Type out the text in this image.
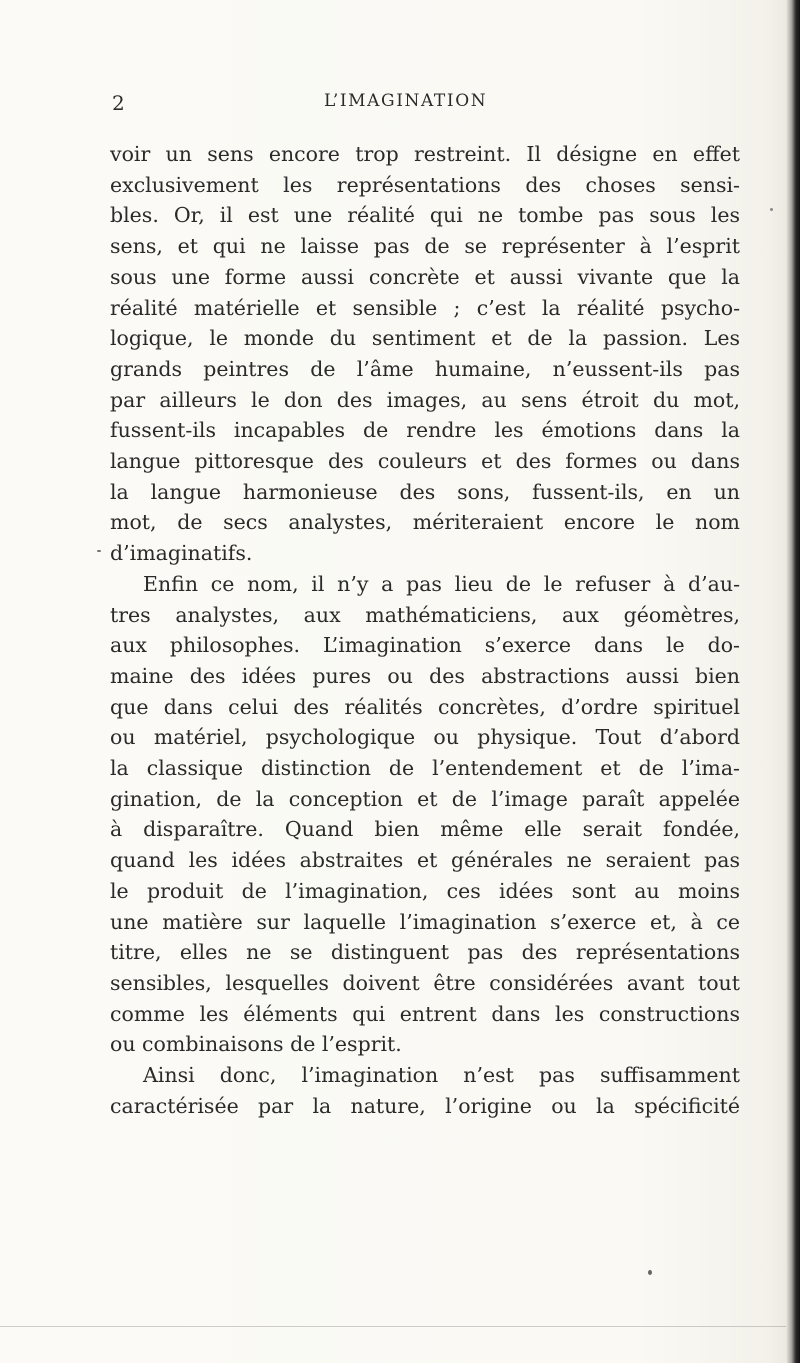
2	L’IMAGINATION
voir un sens encore trop restreint. Il désigne en effet
exclusivement les représentations des choses sensi-
bles. Or, il est une réalité qui ne tombe pas sous les
sens, et qui ne laisse pas de se représenter à l’esprit
sous une forme aussi concrète et aussi vivante que la
réalité matérielle et sensible ; c’est la réalité psycho-
logique, le monde du sentiment et de la passion. Les
grands peintres de l’âme humaine, n’eussent-ils pas
par ailleurs le don des images, au sens étroit du mot,
fussent-ils incapables de rendre les émotions dans la
langue pittoresque des couleurs et des formes ou dans
la langue harmonieuse des sons, fussent-ils, en un
mot, de secs analystes, mériteraient encore le nom
d’imaginatifs.
Enfin ce nom, il n’y a pas lieu de le refuser à d’au-
tres analystes, aux mathématiciens, aux géomètres,
aux philosophes. L’imagination s’exerce dans le do-
maine des idées pures ou des abstractions aussi bien
que dans celui des réalités concrètes, d’ordre spirituel
ou matériel, psychologique ou physique. Tout d’abord
la classique distinction de l’entendement et de l’ima-
gination, de la conception et de l’image paraît appelée
à disparaître. Quand bien même elle serait fondée,
quand les idées abstraites et générales ne seraient pas
le produit de l’imagination, ces idées sont au moins
une matière sur laquelle l’imagination s’exerce et, à ce
titre, elles ne se distinguent pas des représentations
sensibles, lesquelles doivent être considérées avant tout
comme les éléments qui entrent dans les constructions
ou combinaisons de l’esprit.
Ainsi donc, l’imagination n’est pas suffisamment
caractérisée par la nature, l’origine ou la spécificité
